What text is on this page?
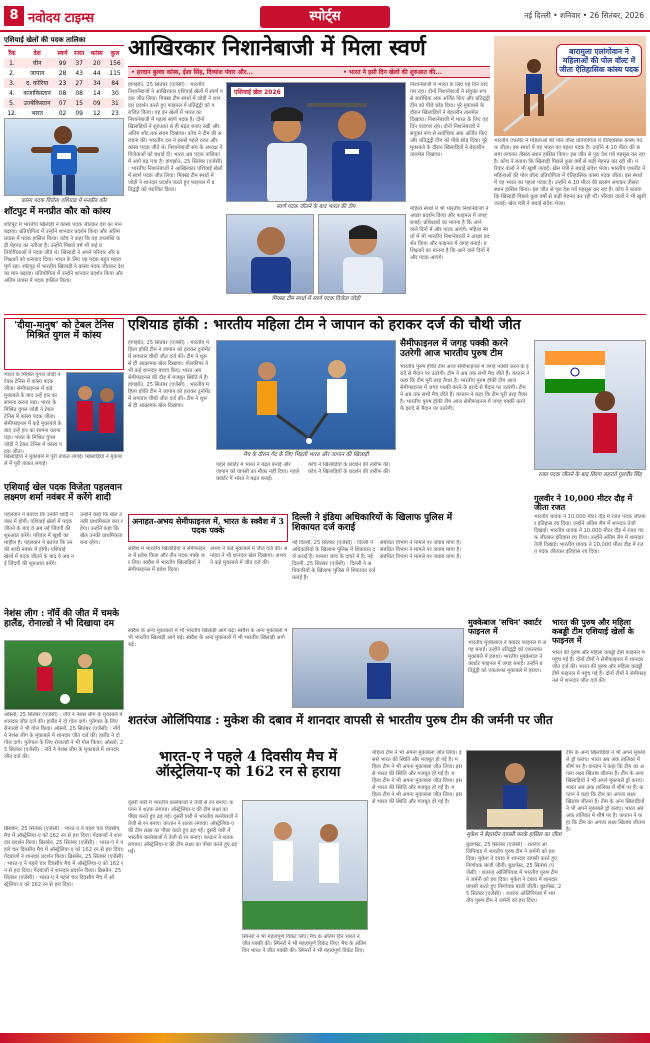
8 नवोदय टाइम्स	स्पोर्ट्स	नई दिल्ली • शनिवार • 26 सितंबर, 2026
एशियाई खेलों की पदक तालिका
रैंक	देश	स्वर्ण	रजत	कांस्य	कुल
1.	चीन	99	37	20	156
2.	जापान	28	43	44	115
3.	द. कोरिया	23	27	34	84
4.	कजाकिस्तान	08	08	14	30
5.	उज्बेकिस्तान	07	15	09	31
12.	भारत	02	09	12	23
कांस्य पदक विजेता एशियाड में मनप्रीत कौर
शॉटपुट में मनप्रीत कौर को कांस्य
शॉटपुट में भारतीय खिलाड़ी ने कांस्य पदक जीतकर देश का मान बढ़ाया। प्रतियोगिता में उन्होंने शानदार प्रदर्शन किया और अंतिम प्रयास में पदक हासिल किया। कोच ने कहा कि यह उपलब्धि कड़ी मेहनत का नतीजा है। उन्होंने पिछले वर्ष भी कई प्रतियोगिताओं में पदक जीते थे। खिलाड़ी ने अपने परिवार और प्रशिक्षकों को धन्यवाद दिया। भारत के लिए यह पदक बहुत महत्वपूर्ण रहा। शॉटपुट में भारतीय खिलाड़ी ने कांस्य पदक जीतकर देश का मान बढ़ाया। प्रतियोगिता में उन्होंने शानदार प्रदर्शन किया और अंतिम प्रयास में पदक हासिल किया।
आखिरकार निशानेबाजी में मिला स्वर्ण
• हरदान बुल्ला कांस्य, ईशा सिंह, दिव्यांश पंवार और...	• भारत ने इसी दिन खेलों की शुरुआत की...
हांगझोउ, 25 सितंबर (एजेंसी) : भारतीय निशानेबाजों ने आखिरकार एशियाई खेलों में स्वर्ण पदक जीत लिया। मिक्स्ड टीम स्पर्धा में जोड़ी ने शानदार प्रदर्शन करते हुए फाइनल में प्रतिद्वंद्वी को पराजित किया। यह इन खेलों में भारत का निशानेबाजी में पहला स्वर्ण पदक है। दोनों खिलाड़ियों ने शुरुआत से ही बढ़त बनाए रखी और अंतिम शॉट तक संयम दिखाया। कोच ने टीम की सराहना की। भारतीय दल ने इससे पहले रजत और कांस्य पदक जीते थे। निशानेबाजी संघ के अध्यक्ष ने विजेताओं को बधाई दी। भारत अब पदक तालिका में आगे बढ़ गया है। हांगझोउ, 25 सितंबर (एजेंसी) : भारतीय निशानेबाजों ने आखिरकार एशियाई खेलों में स्वर्ण पदक जीत लिया। मिक्स्ड टीम स्पर्धा में जोड़ी ने शानदार प्रदर्शन करते हुए फाइनल में प्रतिद्वंद्वी को पराजित किया।
एशियाई खेल 2026
निशानेबाजी में भारत के लिए यह दिन यादगार रहा। दोनों निशानेबाजों ने संयुक्त रूप से सर्वाधिक अंक अर्जित किए और प्रतिद्वंद्वी टीम को पीछे छोड़ दिया। पूरे मुकाबले के दौरान खिलाड़ियों ने बेहतरीन तालमेल दिखाया। निशानेबाजी में भारत के लिए यह दिन यादगार रहा। दोनों निशानेबाजों ने संयुक्त रूप से सर्वाधिक अंक अर्जित किए और प्रतिद्वंद्वी टीम को पीछे छोड़ दिया। पूरे मुकाबले के दौरान खिलाड़ियों ने बेहतरीन तालमेल दिखाया।
स्वर्ण पदक जीतने के बाद भारत की टीम
मिक्स्ड टीम स्पर्धा में स्वर्ण पदक विजेता जोड़ी
महिला स्पर्धा में भी भारतीय निशानेबाजों ने अच्छा प्रदर्शन किया और फाइनल में जगह बनाई। प्रशिक्षकों का मानना है कि आने वाले दिनों में और पदक आएंगे। महिला स्पर्धा में भी भारतीय निशानेबाजों ने अच्छा प्रदर्शन किया और फाइनल में जगह बनाई। प्रशिक्षकों का मानना है कि आने वाले दिनों में और पदक आएंगे।
बारामुला एलांगोवान ने महिलाओं की पोल वॉल्ट में जीता ऐतिहासिक कांस्य पदक
भारतीय एथलीट ने महिलाओं की पोल वॉल्ट प्रतियोगिता में ऐतिहासिक कांस्य पदक जीता। इस स्पर्धा में यह भारत का पहला पदक है। उन्होंने 4.10 मीटर की छलांग लगाकर तीसरा स्थान हासिल किया। इस जीत से पूरा देश गर्व महसूस कर रहा है। कोच ने बताया कि खिलाड़ी पिछले कुछ वर्षों से कड़ी मेहनत कर रही थीं। परिवार वालों ने भी खुशी जताई। खेल मंत्री ने बधाई संदेश भेजा। भारतीय एथलीट ने महिलाओं की पोल वॉल्ट प्रतियोगिता में ऐतिहासिक कांस्य पदक जीता। इस स्पर्धा में यह भारत का पहला पदक है। उन्होंने 4.10 मीटर की छलांग लगाकर तीसरा स्थान हासिल किया। इस जीत से पूरा देश गर्व महसूस कर रहा है। कोच ने बताया कि खिलाड़ी पिछले कुछ वर्षों से कड़ी मेहनत कर रही थीं। परिवार वालों ने भी खुशी जताई। खेल मंत्री ने बधाई संदेश भेजा।
'दीया-मानुष' को टेबल टेनिस मिश्रित युगल में कांस्य
भारत के मिश्रित युगल जोड़ी ने टेबल टेनिस में कांस्य पदक जीता। सेमीफाइनल में कड़े मुकाबले के बाद उन्हें हार का सामना करना पड़ा। भारत के मिश्रित युगल जोड़ी ने टेबल टेनिस में कांस्य पदक जीता। सेमीफाइनल में कड़े मुकाबले के बाद उन्हें हार का सामना करना पड़ा। भारत के मिश्रित युगल जोड़ी ने टेबल टेनिस में कांस्य पदक जीता।
खिलाड़ियों ने मुकाबले में पूरी ताकत लगाई। खिलाड़ियों ने मुकाबले में पूरी ताकत लगाई।
एशियाई खेल पदक विजेता पहलवान लक्ष्मण शर्मा नवंबर में करेंगे शादी
पहलवान ने बताया कि उनकी शादी नवंबर में होगी। एशियाई खेलों में पदक जीतने के बाद वे अब नई जिंदगी की शुरुआत करेंगे। परिवार में खुशी का माहौल है। पहलवान ने बताया कि उनकी शादी नवंबर में होगी। एशियाई खेलों में पदक जीतने के बाद वे अब नई जिंदगी की शुरुआत करेंगे।
उन्होंने कहा कि खेल उनकी प्राथमिकता बना रहेगा। उन्होंने कहा कि खेल उनकी प्राथमिकता बना रहेगा।
नेशंस लीग : नॉर्वे की जीत में चमके हालैंड, रोनाल्डो ने भी दिखाया दम
ओस्लो, 25 सितंबर (एजेंसी) : नॉर्वे ने नेशंस लीग के मुकाबले में शानदार जीत दर्ज की। हालैंड ने दो गोल दागे। पुर्तगाल के लिए रोनाल्डो ने भी गोल किया। ओस्लो, 25 सितंबर (एजेंसी) : नॉर्वे ने नेशंस लीग के मुकाबले में शानदार जीत दर्ज की। हालैंड ने दो गोल दागे। पुर्तगाल के लिए रोनाल्डो ने भी गोल किया। ओस्लो, 25 सितंबर (एजेंसी) : नॉर्वे ने नेशंस लीग के मुकाबले में शानदार जीत दर्ज की।
एशियाड हॉकी : भारतीय महिला टीम ने जापान को हराकर दर्ज की चौथी जीत
हांगझोउ, 25 सितंबर (एजेंसी) : भारतीय महिला हॉकी टीम ने जापान को हराकर टूर्नामेंट में लगातार चौथी जीत दर्ज की। टीम ने शुरू से ही आक्रामक खेल दिखाया। गोलकीपर ने भी कई शानदार बचाव किए। भारत अब सेमीफाइनल की दौड़ में मजबूत स्थिति में है। हांगझोउ, 25 सितंबर (एजेंसी) : भारतीय महिला हॉकी टीम ने जापान को हराकर टूर्नामेंट में लगातार चौथी जीत दर्ज की। टीम ने शुरू से ही आक्रामक खेल दिखाया।
मैच के दौरान गेंद के लिए भिड़ती भारत और जापान की खिलाड़ी
पहले क्वार्टर में भारत ने बढ़त बनाई और जापान को वापसी का मौका नहीं दिया। पहले क्वार्टर में भारत ने बढ़त बनाई।
कोच ने खिलाड़ियों के प्रदर्शन की तारीफ की। कोच ने खिलाड़ियों के प्रदर्शन की तारीफ की।
सैमीफाइनल में जगह पक्की करने उतरेगी आज भारतीय पुरुष टीम
भारतीय पुरुष हॉकी टीम आज सेमीफाइनल में जगह पक्की करने के इरादे से मैदान पर उतरेगी। टीम ने अब तक सभी मैच जीते हैं। कप्तान ने कहा कि टीम पूरी तरह तैयार है। भारतीय पुरुष हॉकी टीम आज सेमीफाइनल में जगह पक्की करने के इरादे से मैदान पर उतरेगी। टीम ने अब तक सभी मैच जीते हैं। कप्तान ने कहा कि टीम पूरी तरह तैयार है। भारतीय पुरुष हॉकी टीम आज सेमीफाइनल में जगह पक्की करने के इरादे से मैदान पर उतरेगी।
रजत पदक जीतने के बाद तिरंगा लहराते गुलवीर सिंह
गुलवीर ने 10,000 मीटर दौड़ में जीता रजत
भारतीय धावक ने 10,000 मीटर दौड़ में रजत पदक जीतकर इतिहास रच दिया। उन्होंने अंतिम लैप में शानदार तेजी दिखाई। भारतीय धावक ने 10,000 मीटर दौड़ में रजत पदक जीतकर इतिहास रच दिया। उन्होंने अंतिम लैप में शानदार तेजी दिखाई। भारतीय धावक ने 10,000 मीटर दौड़ में रजत पदक जीतकर इतिहास रच दिया।
अनाहत-अभय सेमीफाइनल में, भारत के स्क्वैश में 3 पदक पक्के
स्क्वैश में भारतीय खिलाड़ियों ने सेमीफाइनल में प्रवेश किया और तीन पदक पक्के कर लिए। स्क्वैश में भारतीय खिलाड़ियों ने सेमीफाइनल में प्रवेश किया।
अभय ने कड़े मुकाबले में जीत दर्ज की। अनाहत ने भी शानदार खेल दिखाया। अभय ने कड़े मुकाबले में जीत दर्ज की।
दिल्ली ने इंडिया अधिकारियों के खिलाफ पुलिस में शिकायत दर्ज कराई
नई दिल्ली, 25 सितंबर (एजेंसी) : दिल्ली ने अधिकारियों के खिलाफ पुलिस में शिकायत दर्ज कराई है। मामला जांच के दायरे में है। नई दिल्ली, 25 सितंबर (एजेंसी) : दिल्ली ने अधिकारियों के खिलाफ पुलिस में शिकायत दर्ज कराई है।
संबंधित विभाग ने मामले पर जवाब मांगा है। संबंधित विभाग ने मामले पर जवाब मांगा है। संबंधित विभाग ने मामले पर जवाब मांगा है।
मुक्केबाज 'सचिन' क्वार्टर फाइनल में
भारतीय मुक्केबाज ने क्वार्टर फाइनल में जगह बनाई। उन्होंने प्रतिद्वंद्वी को एकतरफा मुकाबले में हराया। भारतीय मुक्केबाज ने क्वार्टर फाइनल में जगह बनाई। उन्होंने प्रतिद्वंद्वी को एकतरफा मुकाबले में हराया।
भारत की पुरुष और महिला कबड्डी टीम एशियाई खेलों के फाइनल में
भारत की पुरुष और महिला कबड्डी टीमें फाइनल में पहुंच गई हैं। दोनों टीमों ने सेमीफाइनल में शानदार जीत दर्ज की। भारत की पुरुष और महिला कबड्डी टीमें फाइनल में पहुंच गई हैं। दोनों टीमों ने सेमीफाइनल में शानदार जीत दर्ज की।
स्क्वैश के अन्य मुकाबलों में भी भारतीय खिलाड़ी आगे बढ़े। स्क्वैश के अन्य मुकाबलों में भी भारतीय खिलाड़ी आगे बढ़े। स्क्वैश के अन्य मुकाबलों में भी भारतीय खिलाड़ी आगे बढ़े।
शतरंज ओलिंपियाड : मुकेश की दबाव में शानदार वापसी से भारतीय पुरुष टीम की जर्मनी पर जीत
मुकेश ने बेहतरीन वापसी करके हासिल का जीता
बुडापेस्ट, 25 सितंबर (एजेंसी) : शतरंज ओलिंपियाड में भारतीय पुरुष टीम ने जर्मनी को हरा दिया। मुकेश ने दबाव में शानदार वापसी करते हुए निर्णायक बाजी जीती। बुडापेस्ट, 25 सितंबर (एजेंसी) : शतरंज ओलिंपियाड में भारतीय पुरुष टीम ने जर्मनी को हरा दिया। मुकेश ने दबाव में शानदार वापसी करते हुए निर्णायक बाजी जीती। बुडापेस्ट, 25 सितंबर (एजेंसी) : शतरंज ओलिंपियाड में भारतीय पुरुष टीम ने जर्मनी को हरा दिया।
टीम के अन्य खिलाड़ियों ने भी अपने मुकाबले ड्रॉ कराए। भारत अब अंक तालिका में शीर्ष पर है। कप्तान ने कहा कि टीम का अगला लक्ष्य खिताब जीतना है। टीम के अन्य खिलाड़ियों ने भी अपने मुकाबले ड्रॉ कराए। भारत अब अंक तालिका में शीर्ष पर है। कप्तान ने कहा कि टीम का अगला लक्ष्य खिताब जीतना है। टीम के अन्य खिलाड़ियों ने भी अपने मुकाबले ड्रॉ कराए। भारत अब अंक तालिका में शीर्ष पर है। कप्तान ने कहा कि टीम का अगला लक्ष्य खिताब जीतना है।
महिला टीम ने भी अपना मुकाबला जीत लिया। इससे भारत की स्थिति और मजबूत हो गई है। महिला टीम ने भी अपना मुकाबला जीत लिया। इससे भारत की स्थिति और मजबूत हो गई है। महिला टीम ने भी अपना मुकाबला जीत लिया। इससे भारत की स्थिति और मजबूत हो गई है। महिला टीम ने भी अपना मुकाबला जीत लिया। इससे भारत की स्थिति और मजबूत हो गई है।
भारत-ए ने पहले 4 दिवसीय मैच में ऑस्ट्रेलिया-ए को 162 रन से हराया
ब्रिसबेन, 25 सितंबर (एजेंसी) : भारत-ए ने पहले चार दिवसीय मैच में ऑस्ट्रेलिया-ए को 162 रन से हरा दिया। गेंदबाजों ने शानदार प्रदर्शन किया। ब्रिसबेन, 25 सितंबर (एजेंसी) : भारत-ए ने पहले चार दिवसीय मैच में ऑस्ट्रेलिया-ए को 162 रन से हरा दिया। गेंदबाजों ने शानदार प्रदर्शन किया। ब्रिसबेन, 25 सितंबर (एजेंसी) : भारत-ए ने पहले चार दिवसीय मैच में ऑस्ट्रेलिया-ए को 162 रन से हरा दिया। गेंदबाजों ने शानदार प्रदर्शन किया। ब्रिसबेन, 25 सितंबर (एजेंसी) : भारत-ए ने पहले चार दिवसीय मैच में ऑस्ट्रेलिया-ए को 162 रन से हरा दिया।
दूसरी पारी में भारतीय बल्लेबाजों ने तेजी से रन बनाए। कप्तान ने शतक लगाया। ऑस्ट्रेलिया-ए की टीम लक्ष्य का पीछा करते हुए ढह गई। दूसरी पारी में भारतीय बल्लेबाजों ने तेजी से रन बनाए। कप्तान ने शतक लगाया। ऑस्ट्रेलिया-ए की टीम लक्ष्य का पीछा करते हुए ढह गई। दूसरी पारी में भारतीय बल्लेबाजों ने तेजी से रन बनाए। कप्तान ने शतक लगाया। ऑस्ट्रेलिया-ए की टीम लक्ष्य का पीछा करते हुए ढह गई।
स्पिनरों ने भी महत्वपूर्ण विकेट लिए। मैच के अंतिम दिन भारत ने जीत पक्की की। स्पिनरों ने भी महत्वपूर्ण विकेट लिए। मैच के अंतिम दिन भारत ने जीत पक्की की। स्पिनरों ने भी महत्वपूर्ण विकेट लिए।
